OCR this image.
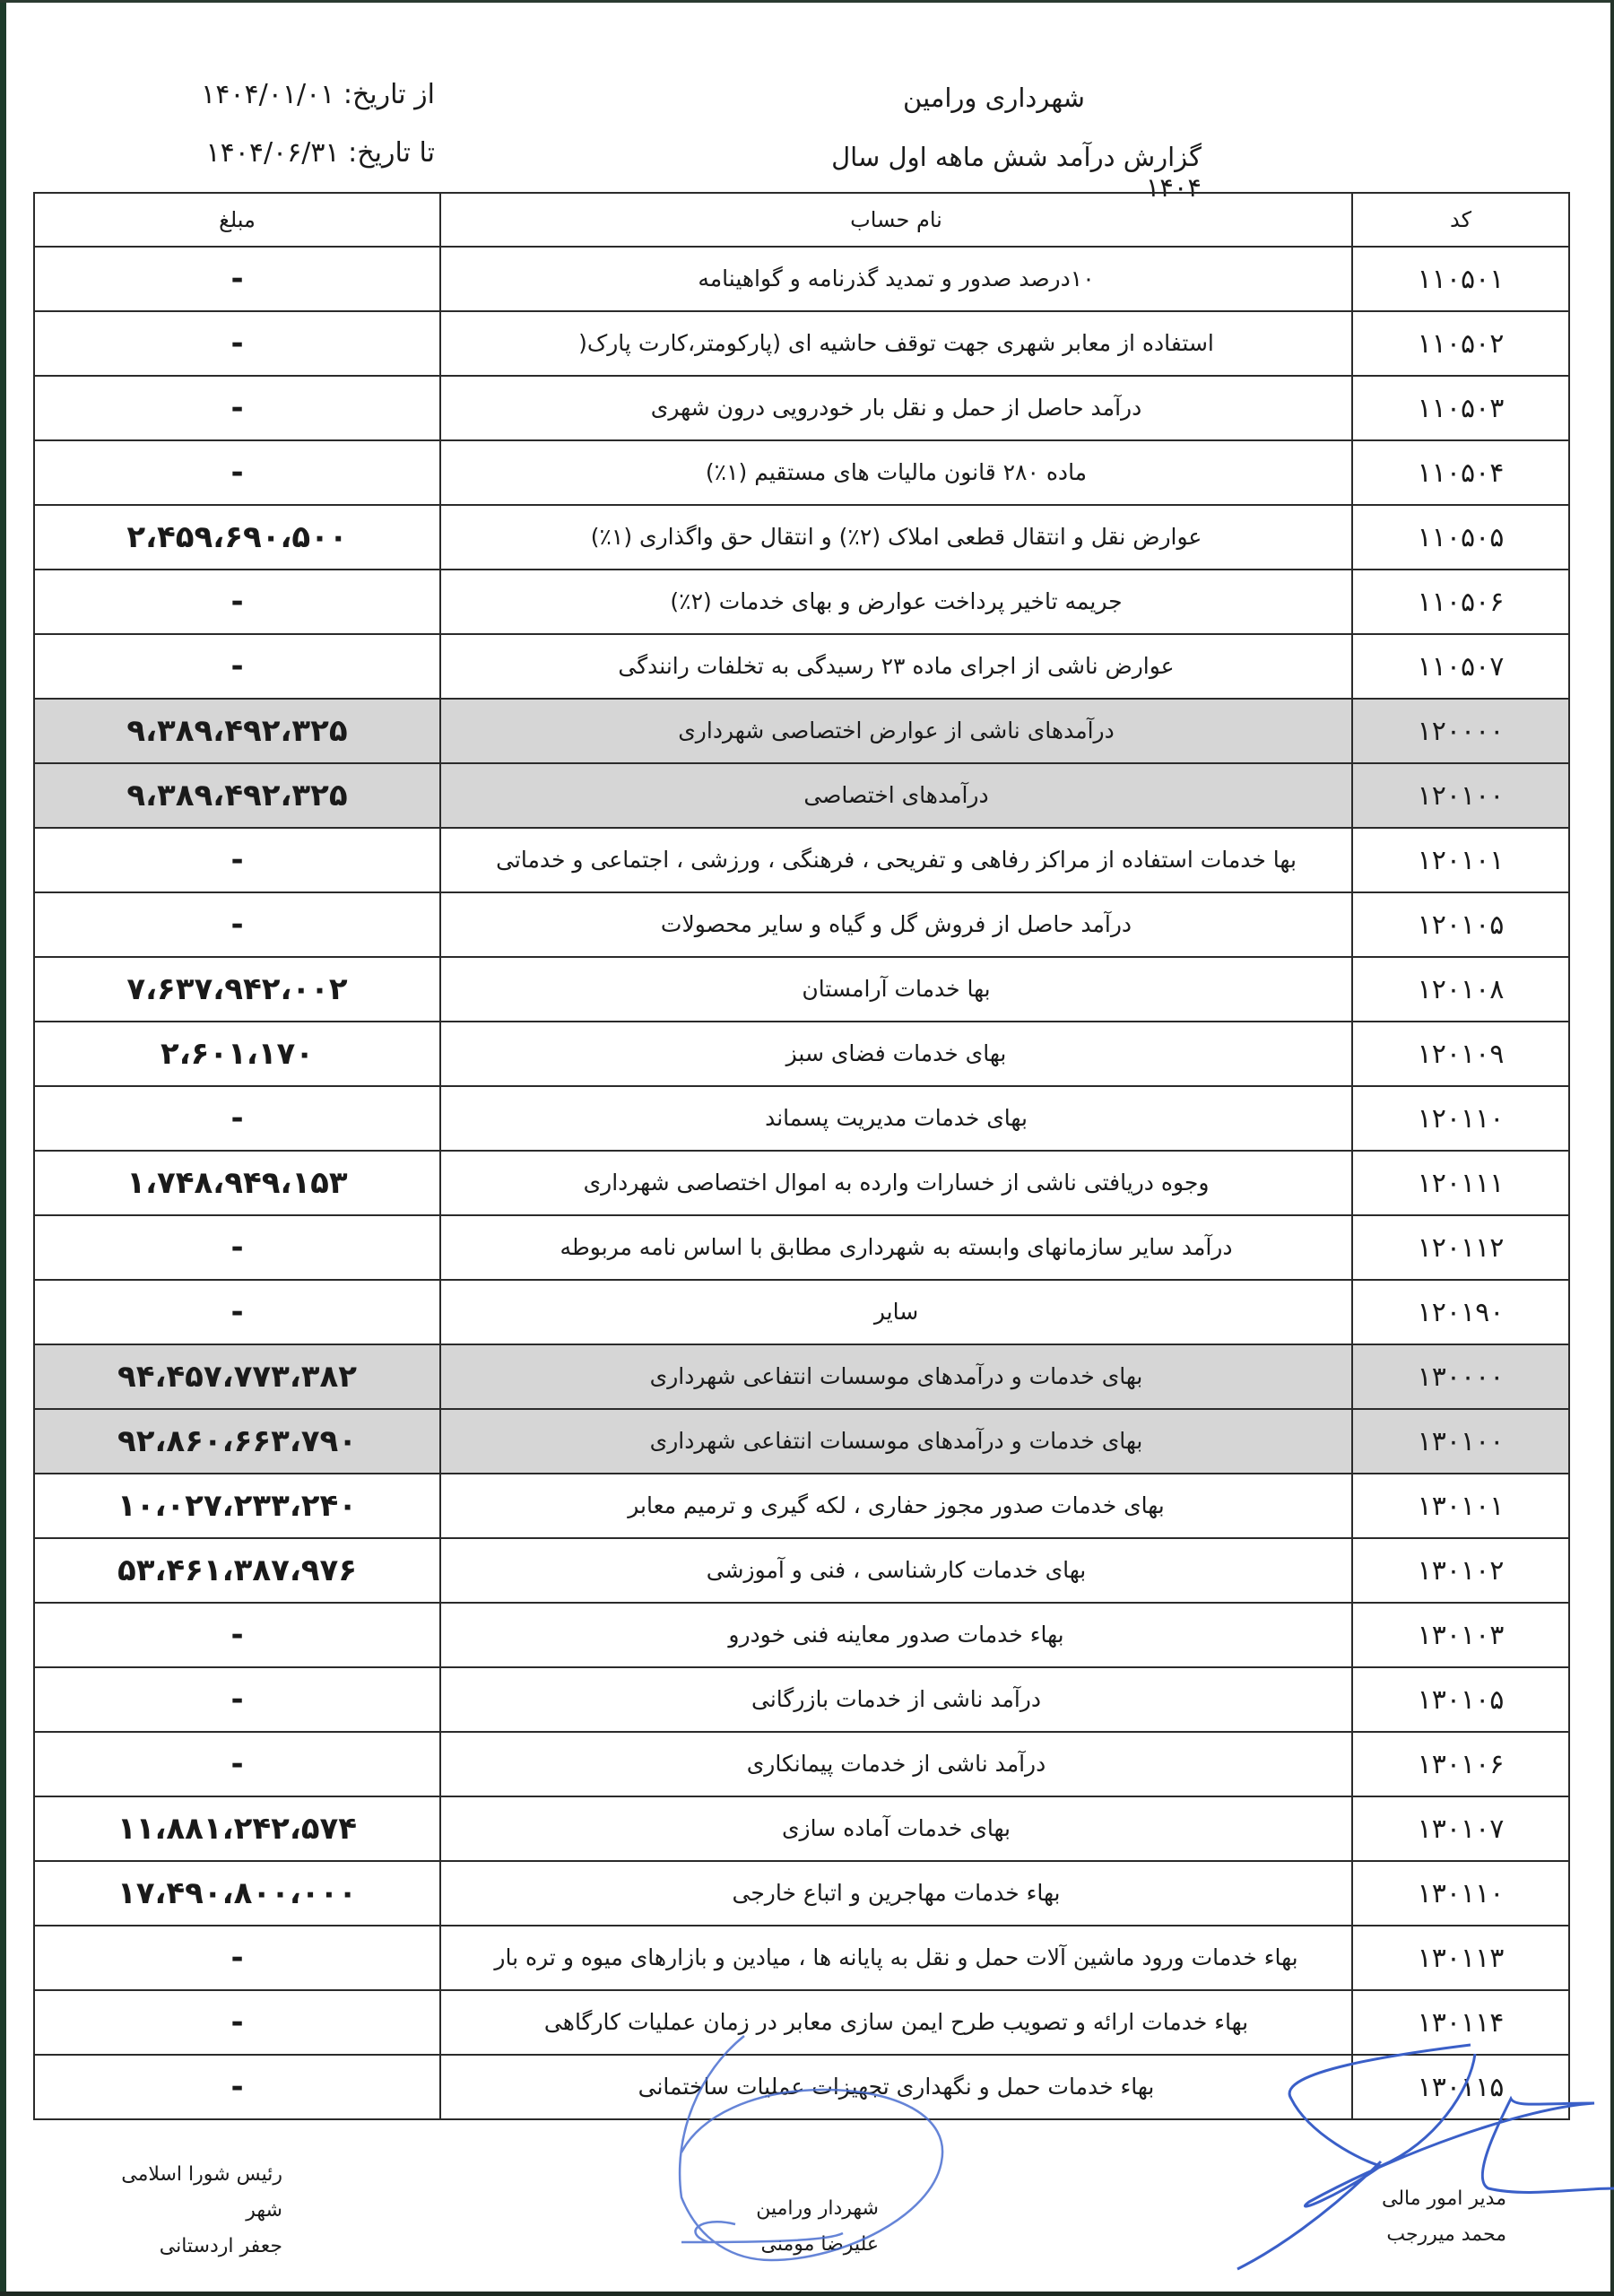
شهرداری ورامین
گزارش درآمد شش ماهه اول سال ۱۴۰۴
از تاریخ: ۱۴۰۴/۰۱/۰۱
تا تاریخ: ۱۴۰۴/۰۶/۳۱
کد	نام حساب	مبلغ
۱۱۰۵۰۱	۱۰درصد صدور و تمدید گذرنامه و گواهینامه	-
۱۱۰۵۰۲	استفاده از معابر شهری جهت توقف حاشیه ای (پارکومتر،کارت پارک(	-
۱۱۰۵۰۳	درآمد حاصل از حمل و نقل بار خودرویی درون شهری	-
۱۱۰۵۰۴	ماده ۲۸۰ قانون مالیات های مستقیم (۱٪)	-
۱۱۰۵۰۵	عوارض نقل و انتقال قطعی املاک (۲٪) و انتقال حق واگذاری (۱٪)	۲،۴۵۹،۶۹۰،۵۰۰
۱۱۰۵۰۶	جریمه تاخیر پرداخت عوارض و بهای خدمات (۲٪)	-
۱۱۰۵۰۷	عوارض ناشی از اجرای ماده ۲۳ رسیدگی به تخلفات رانندگی	-
۱۲۰۰۰۰	درآمدهای ناشی از عوارض اختصاصی شهرداری	۹،۳۸۹،۴۹۲،۳۲۵
۱۲۰۱۰۰	درآمدهای اختصاصی	۹،۳۸۹،۴۹۲،۳۲۵
۱۲۰۱۰۱	بها خدمات استفاده از مراکز رفاهی و تفریحی ، فرهنگی ، ورزشی ، اجتماعی و خدماتی	-
۱۲۰۱۰۵	درآمد حاصل از فروش گل و گیاه و سایر محصولات	-
۱۲۰۱۰۸	بها خدمات آرامستان	۷،۶۳۷،۹۴۲،۰۰۲
۱۲۰۱۰۹	بهای خدمات فضای سبز	۲،۶۰۱،۱۷۰
۱۲۰۱۱۰	بهای خدمات مدیریت پسماند	-
۱۲۰۱۱۱	وجوه دریافتی ناشی از خسارات وارده به اموال اختصاصی شهرداری	۱،۷۴۸،۹۴۹،۱۵۳
۱۲۰۱۱۲	درآمد سایر سازمانهای وابسته به شهرداری مطابق با اساس نامه مربوطه	-
۱۲۰۱۹۰	سایر	-
۱۳۰۰۰۰	بهای خدمات و درآمدهای موسسات انتفاعی شهرداری	۹۴،۴۵۷،۷۷۳،۳۸۲
۱۳۰۱۰۰	بهای خدمات و درآمدهای موسسات انتفاعی شهرداری	۹۲،۸۶۰،۶۶۳،۷۹۰
۱۳۰۱۰۱	بهای خدمات صدور مجوز حفاری ، لکه گیری و ترمیم معابر	۱۰،۰۲۷،۲۳۳،۲۴۰
۱۳۰۱۰۲	بهای خدمات کارشناسی ، فنی و آموزشی	۵۳،۴۶۱،۳۸۷،۹۷۶
۱۳۰۱۰۳	بهاء خدمات صدور معاینه فنی خودرو	-
۱۳۰۱۰۵	درآمد ناشی از خدمات بازرگانی	-
۱۳۰۱۰۶	درآمد ناشی از خدمات پیمانکاری	-
۱۳۰۱۰۷	بهای خدمات آماده سازی	۱۱،۸۸۱،۲۴۲،۵۷۴
۱۳۰۱۱۰	بهاء خدمات مهاجرین و اتباع خارجی	۱۷،۴۹۰،۸۰۰،۰۰۰
۱۳۰۱۱۳	بهاء خدمات ورود ماشین آلات حمل و نقل به پایانه ها ، میادین و بازارهای میوه و تره بار	-
۱۳۰۱۱۴	بهاء خدمات ارائه و تصویب طرح ایمن سازی معابر در زمان عملیات کارگاهی	-
۱۳۰۱۱۵	بهاء خدمات حمل و نگهداری تجهیزات عملیات ساختمانی	-
مدیر امور مالی
محمد میررجب
شهردار ورامین
علیرضا مومنی
رئیس شورا اسلامی شهر
جعفر اردستانی
